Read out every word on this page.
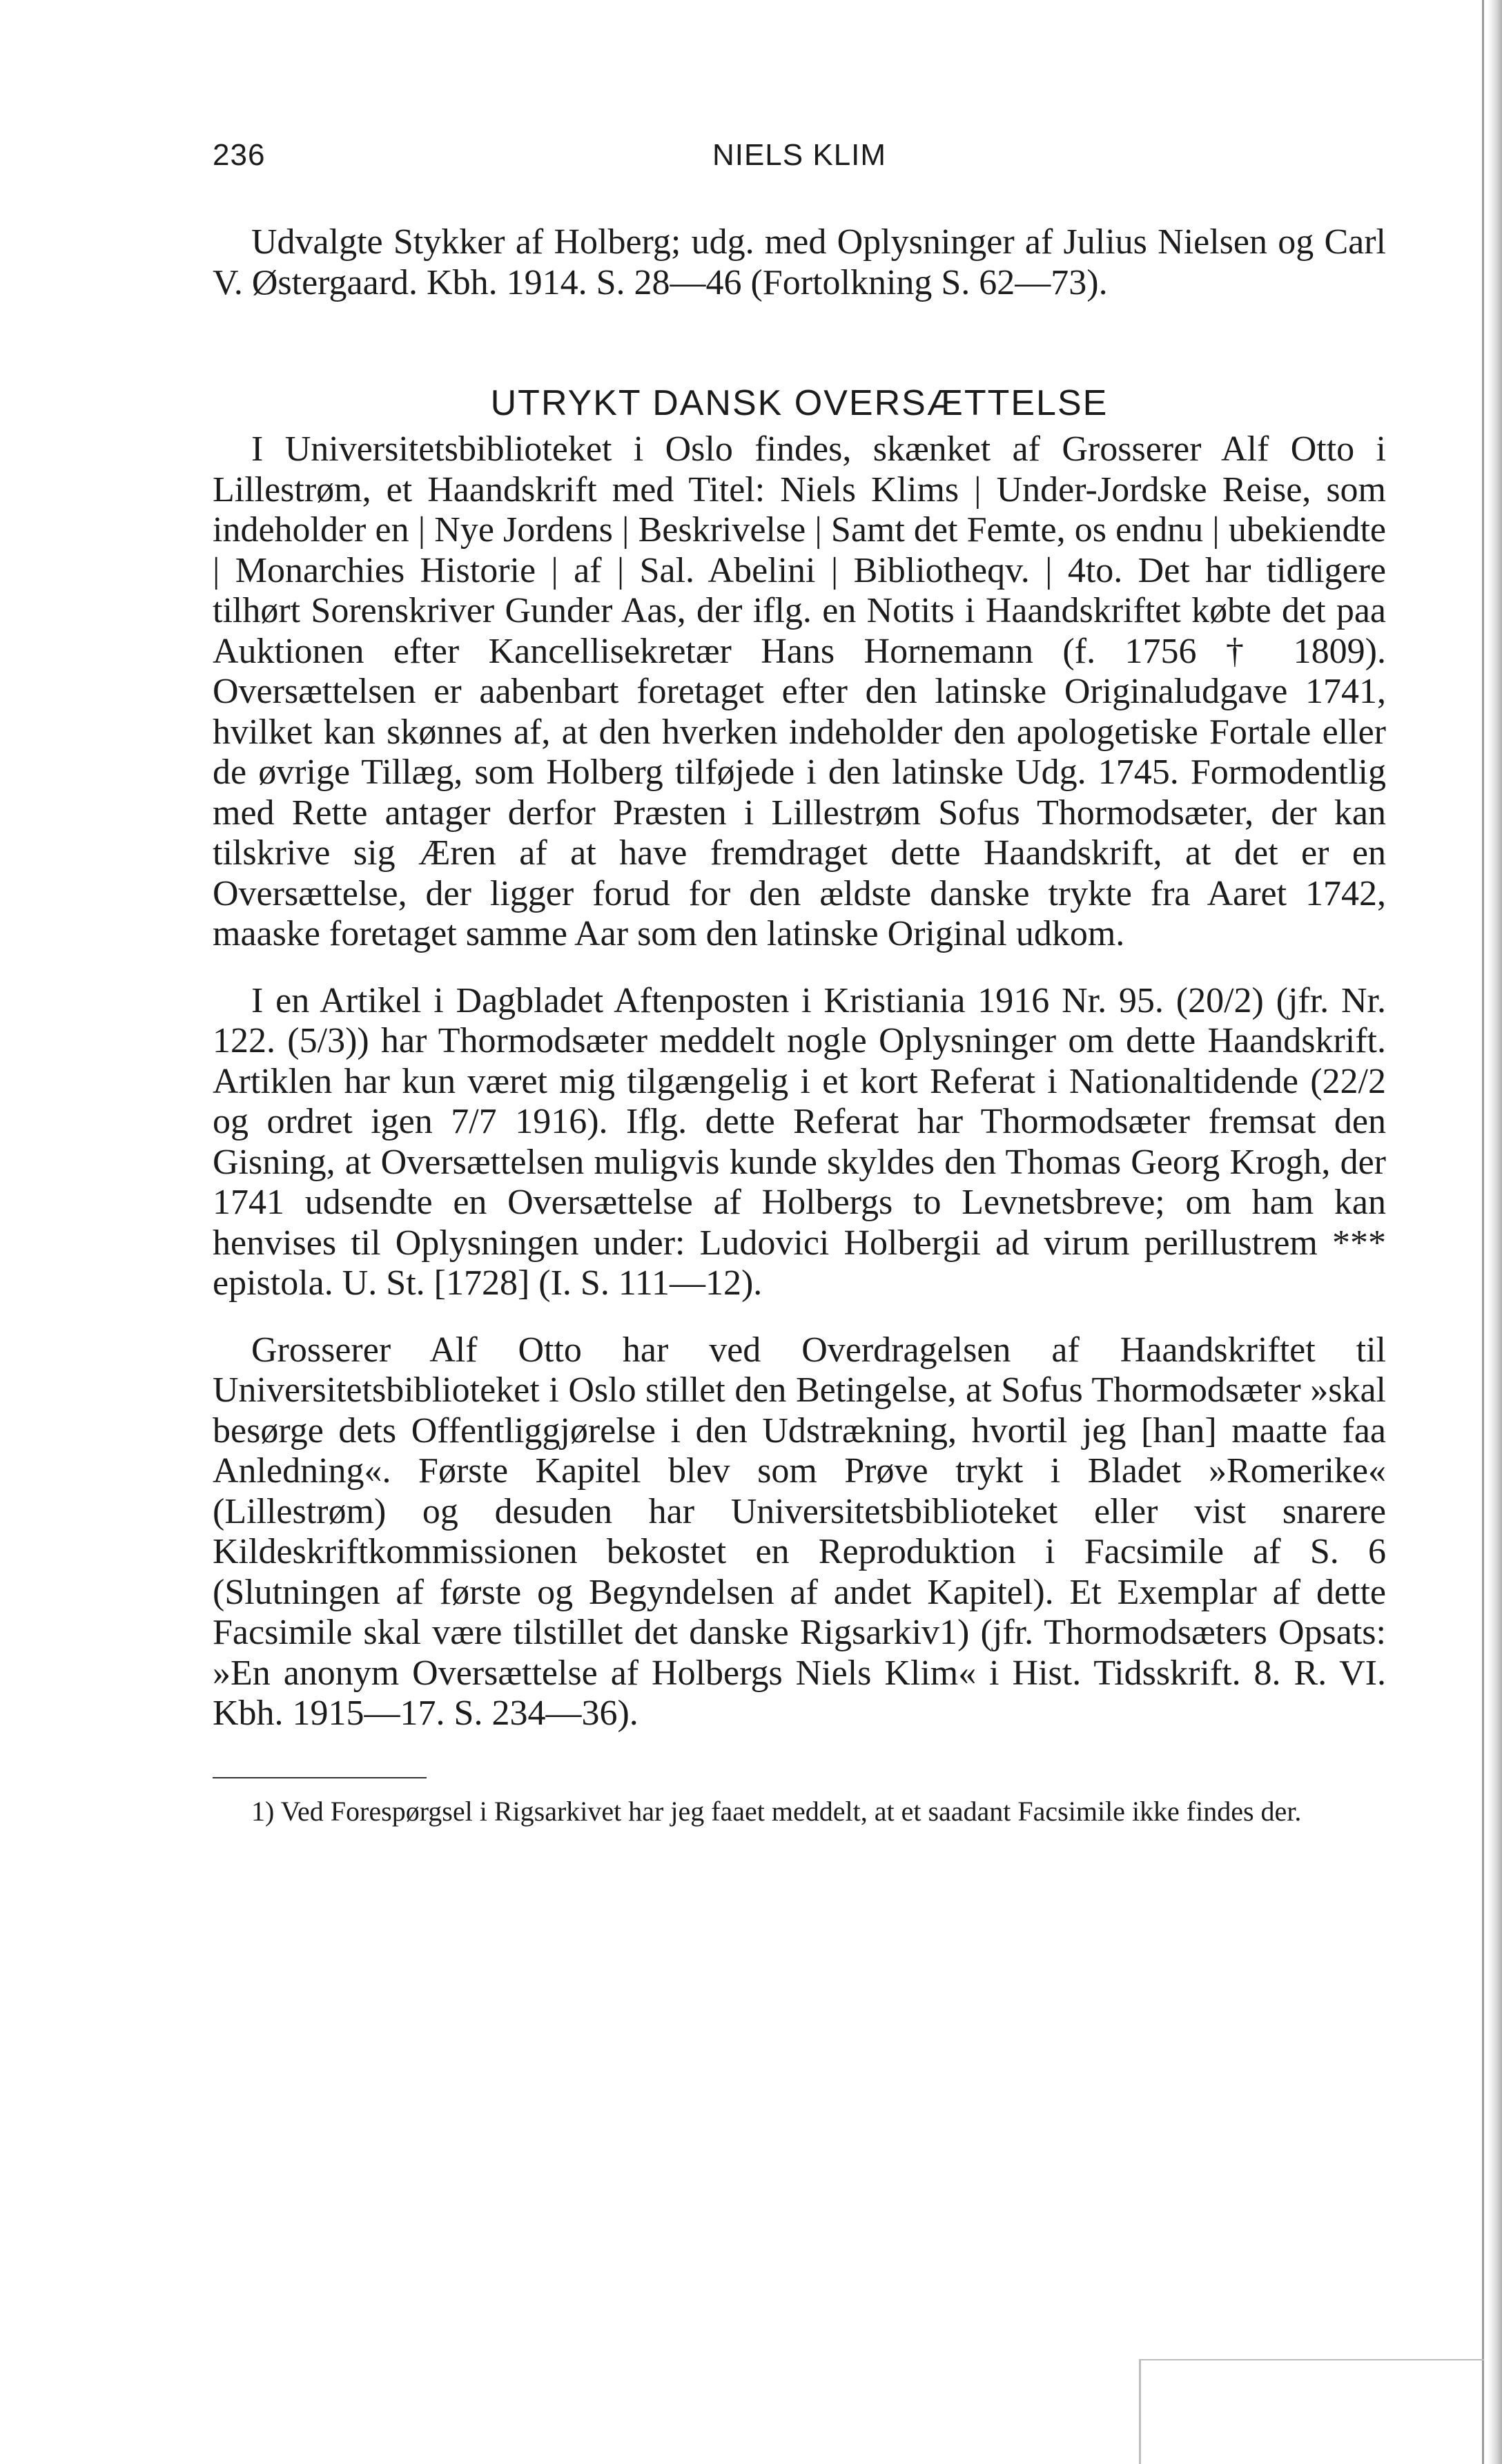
236	NIELS KLIM

Udvalgte Stykker af Holberg; udg. med Oplysninger af Julius Nielsen og Carl V. Østergaard. Kbh. 1914. S. 28—46 (Fortolkning S. 62—73).

UTRYKT DANSK OVERSÆTTELSE

I Universitetsbiblioteket i Oslo findes, skænket af Grosserer Alf Otto i Lillestrøm, et Haandskrift med Titel: Niels Klims | Under-Jordske Reise, som indeholder en | Nye Jordens | Beskrivelse | Samt det Femte, os endnu | ubekiendte | Monarchies Historie | af | Sal. Abelini | Bibliotheqv. | 4to. Det har tidligere tilhørt Sorenskriver Gunder Aas, der iflg. en Notits i Haandskriftet købte det paa Auktionen efter Kancellisekretær Hans Hornemann (f. 1756 † 1809). Oversættelsen er aabenbart foretaget efter den latinske Originaludgave 1741, hvilket kan skønnes af, at den hverken indeholder den apologetiske Fortale eller de øvrige Tillæg, som Holberg tilføjede i den latinske Udg. 1745. Formodentlig med Rette antager derfor Præsten i Lillestrøm Sofus Thormodsæter, der kan tilskrive sig Æren af at have fremdraget dette Haandskrift, at det er en Oversættelse, der ligger forud for den ældste danske trykte fra Aaret 1742, maaske foretaget samme Aar som den latinske Original udkom.

I en Artikel i Dagbladet Aftenposten i Kristiania 1916 Nr. 95. (20/2) (jfr. Nr. 122. (5/3)) har Thormodsæter meddelt nogle Oplysninger om dette Haandskrift. Artiklen har kun været mig tilgængelig i et kort Referat i Nationaltidende (22/2 og ordret igen 7/7 1916). Iflg. dette Referat har Thormodsæter fremsat den Gisning, at Oversættelsen muligvis kunde skyldes den Thomas Georg Krogh, der 1741 udsendte en Oversættelse af Holbergs to Levnetsbreve; om ham kan henvises til Oplysningen under: Ludovici Holbergii ad virum perillustrem *** epistola. U. St. [1728] (I. S. 111—12).

Grosserer Alf Otto har ved Overdragelsen af Haandskriftet til Universitetsbiblioteket i Oslo stillet den Betingelse, at Sofus Thormodsæter »skal besørge dets Offentliggjørelse i den Udstrækning, hvortil jeg [han] maatte faa Anledning«. Første Kapitel blev som Prøve trykt i Bladet »Romerike« (Lillestrøm) og desuden har Universitetsbiblioteket eller vist snarere Kildeskriftkommissionen bekostet en Reproduktion i Facsimile af S. 6 (Slutningen af første og Begyndelsen af andet Kapitel). Et Exemplar af dette Facsimile skal være tilstillet det danske Rigsarkiv1) (jfr. Thormodsæters Opsats: »En anonym Oversættelse af Holbergs Niels Klim« i Hist. Tidsskrift. 8. R. VI. Kbh. 1915—17. S. 234—36).

1) Ved Forespørgsel i Rigsarkivet har jeg faaet meddelt, at et saadant Facsimile ikke findes der.
